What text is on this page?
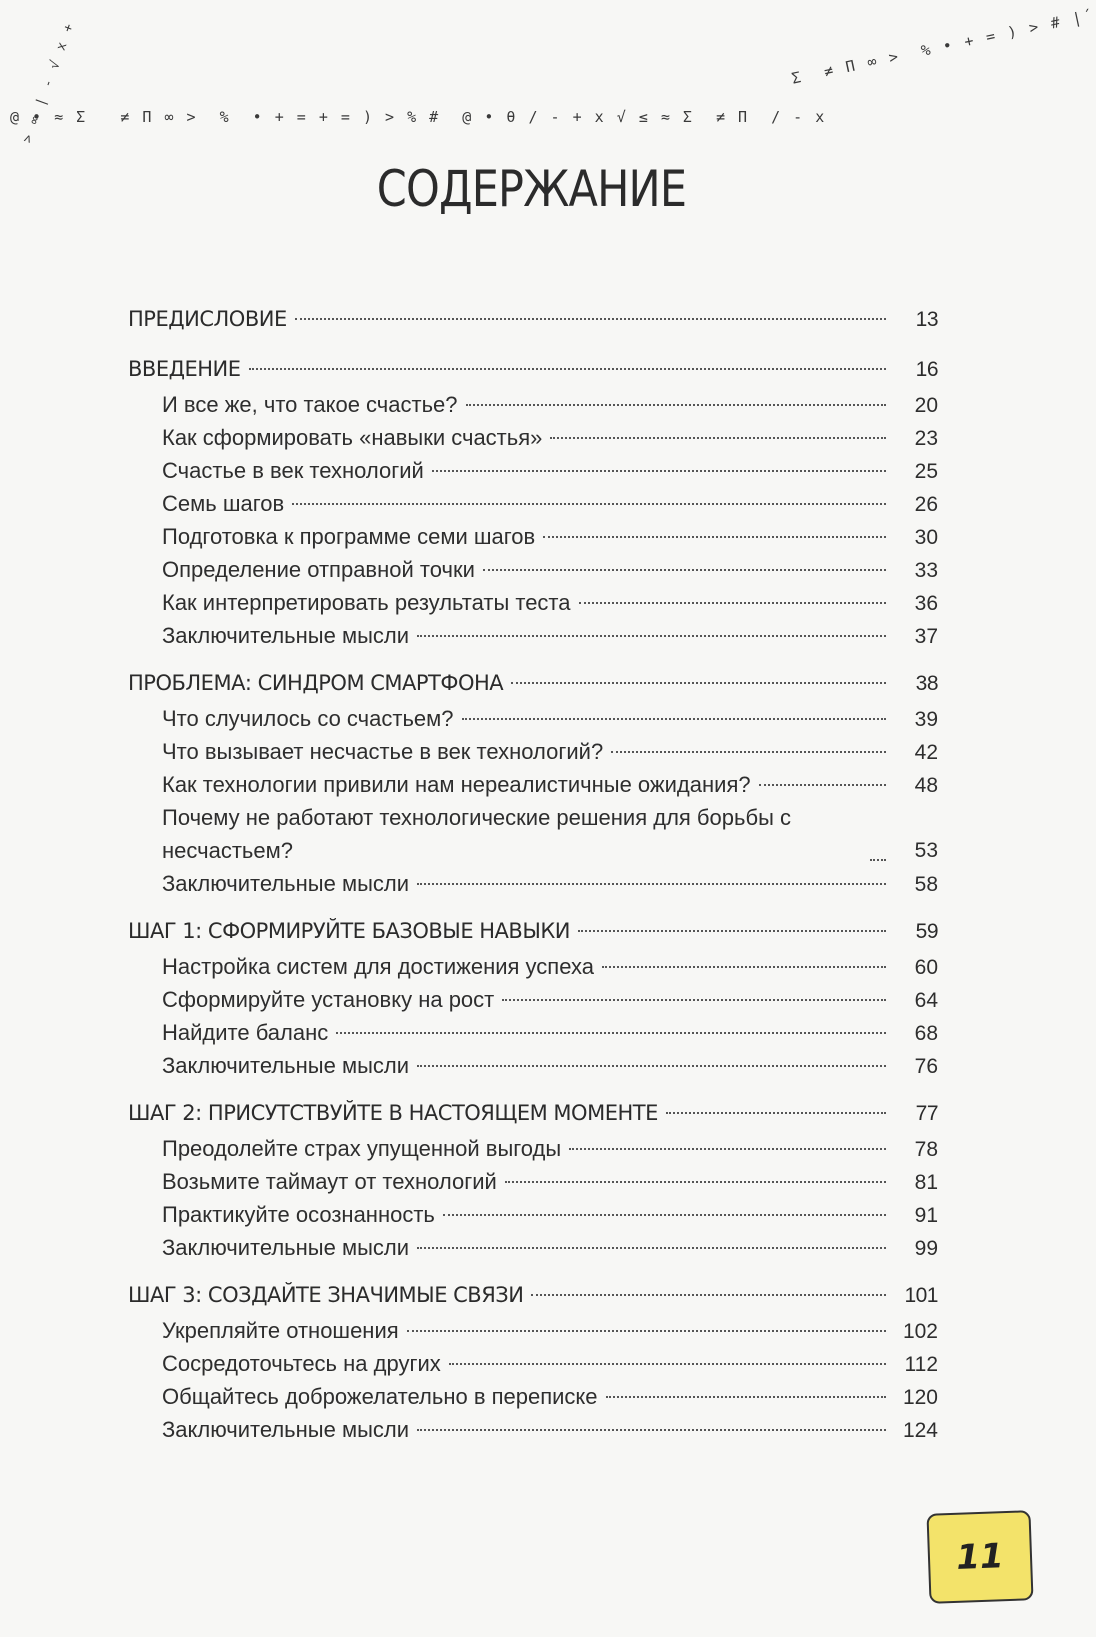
@ • ≈ Σ   ≠ Π ∞ >  %  • + = + = ) > % #  @ • θ / - + x √ ≤ ≈ Σ  ≠ Π  / - x
Σ  ≠ Π ∞ >  % • + = ) > # |´
> ∞ | - √ x +
СОДЕРЖАНИЕ
ПРЕДИСЛОВИЕ	13
ВВЕДЕНИЕ	16
И все же, что такое счастье?	20
Как сформировать «навыки счастья»	23
Счастье в век технологий	25
Семь шагов	26
Подготовка к программе семи шагов	30
Определение отправной точки	33
Как интерпретировать результаты теста	36
Заключительные мысли	37
ПРОБЛЕМА: СИНДРОМ СМАРТФОНА	38
Что случилось со счастьем?	39
Что вызывает несчастье в век технологий?	42
Как технологии привили нам нереалистичные ожидания?	48
Почему не работают технологические решения для борьбы с несчастьем?	53
Заключительные мысли	58
ШАГ 1: СФОРМИРУЙТЕ БАЗОВЫЕ НАВЫКИ	59
Настройка систем для достижения успеха	60
Сформируйте установку на рост	64
Найдите баланс	68
Заключительные мысли	76
ШАГ 2: ПРИСУТСТВУЙТЕ В НАСТОЯЩЕМ МОМЕНТЕ	77
Преодолейте страх упущенной выгоды	78
Возьмите таймаут от технологий	81
Практикуйте осознанность	91
Заключительные мысли	99
ШАГ 3: СОЗДАЙТЕ ЗНАЧИМЫЕ СВЯЗИ	101
Укрепляйте отношения	102
Сосредоточьтесь на других	112
Общайтесь доброжелательно в переписке	120
Заключительные мысли	124
11
